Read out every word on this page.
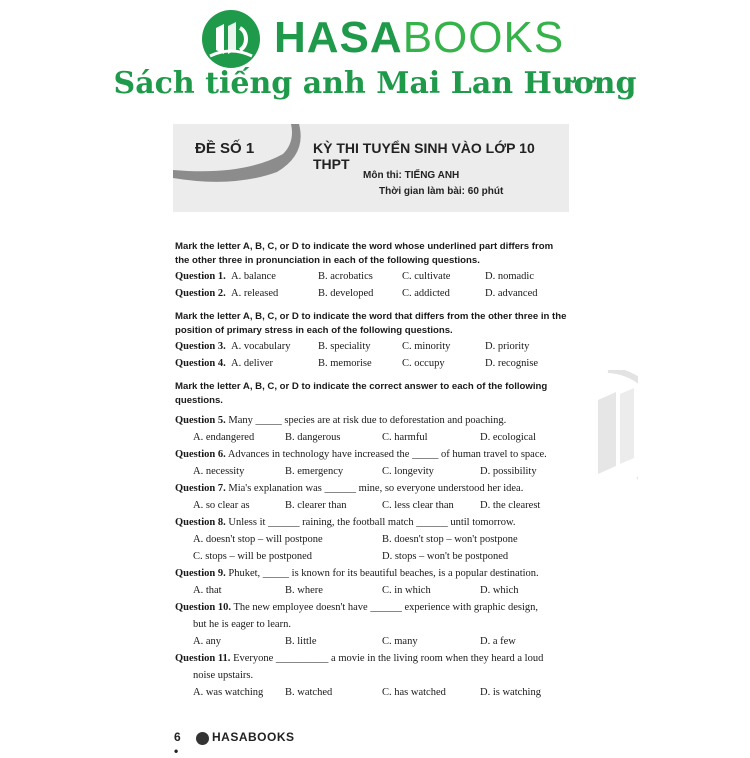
HASABOOKS
Sách tiếng anh Mai Lan Hương
ĐỀ SỐ 1	KỲ THI TUYỂN SINH VÀO LỚP 10 THPT
Môn thi: TIẾNG ANH
Thời gian làm bài: 60 phút

Mark the letter A, B, C, or D to indicate the word whose underlined part differs from the other three in pronunciation in each of the following questions.

Question 1. A. balance	B. acrobatics	C. cultivate	D. nomadic
Question 2. A. released	B. developed	C. addicted	D. advanced

Mark the letter A, B, C, or D to indicate the word that differs from the other three in the position of primary stress in each of the following questions.

Question 3. A. vocabulary	B. speciality	C. minority	D. priority
Question 4. A. deliver	B. memorise	C. occupy	D. recognise

Mark the letter A, B, C, or D to indicate the correct answer to each of the following questions.

Question 5. Many _____ species are at risk due to deforestation and poaching.
A. endangered	B. dangerous	C. harmful	D. ecological
Question 6. Advances in technology have increased the _____ of human travel to space.
A. necessity	B. emergency	C. longevity	D. possibility
Question 7. Mia's explanation was ______ mine, so everyone understood her idea.
A. so clear as	B. clearer than	C. less clear than	D. the clearest
Question 8. Unless it ______ raining, the football match ______ until tomorrow.
A. doesn't stop – will postpone	B. doesn't stop – won't postpone
C. stops – will be postponed	D. stops – won't be postponed
Question 9. Phuket, _____ is known for its beautiful beaches, is a popular destination.
A. that	B. where	C. in which	D. which
Question 10. The new employee doesn't have ______ experience with graphic design,
but he is eager to learn.
A. any	B. little	C. many	D. a few
Question 11. Everyone __________ a movie in the living room when they heard a loud
noise upstairs.
A. was watching B. watched	C. has watched	D. is watching
6 •
HASABOOKS
